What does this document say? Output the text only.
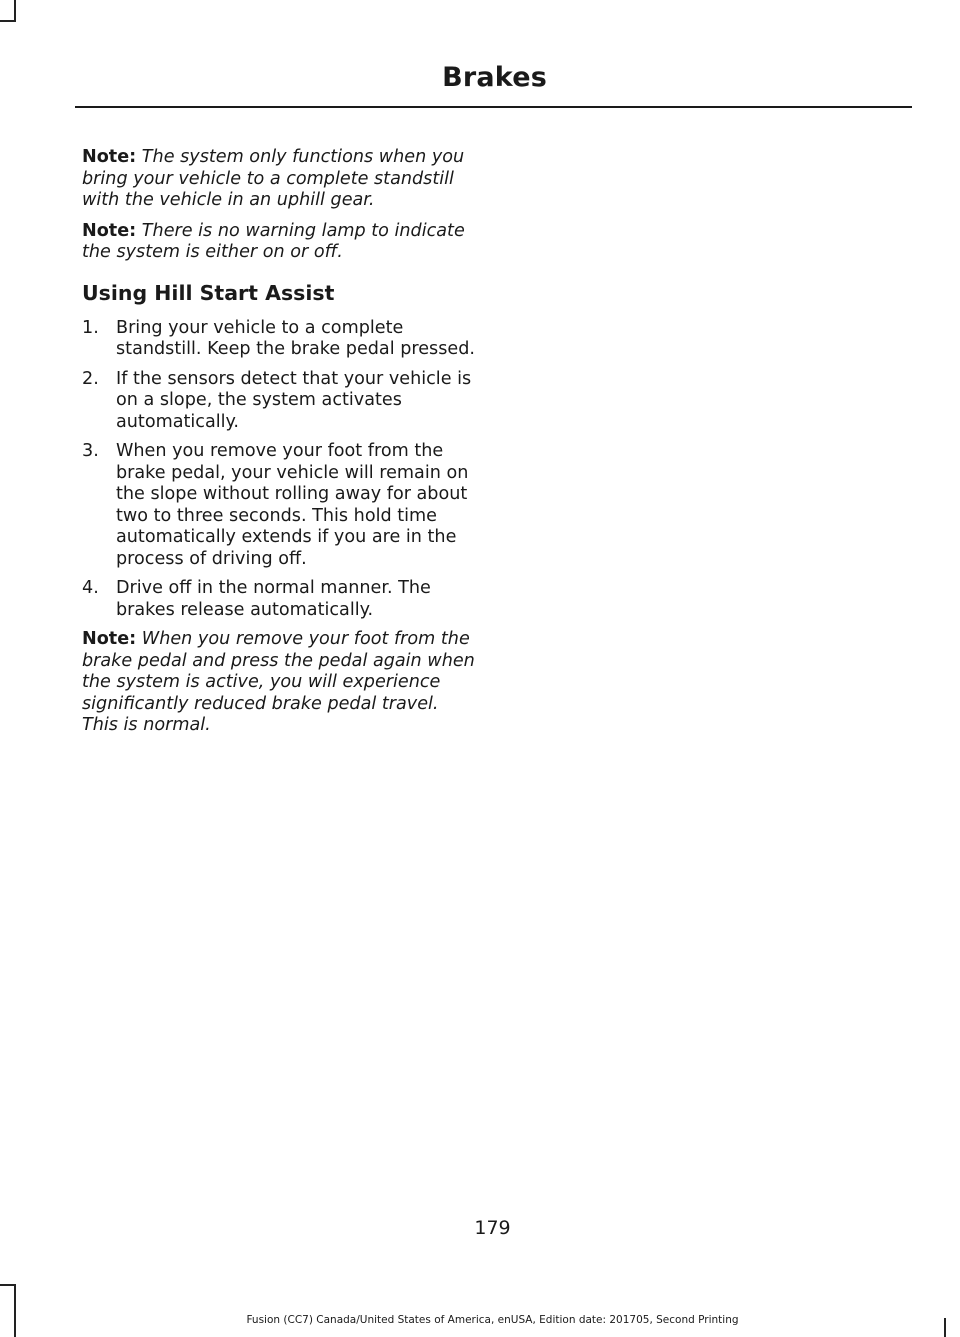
Brakes

Note: The system only functions when you bring your vehicle to a complete standstill with the vehicle in an uphill gear.

Note: There is no warning lamp to indicate the system is either on or off.

Using Hill Start Assist
1. Bring your vehicle to a complete standstill. Keep the brake pedal pressed.
2. If the sensors detect that your vehicle is on a slope, the system activates automatically.
3. When you remove your foot from the brake pedal, your vehicle will remain on the slope without rolling away for about two to three seconds. This hold time automatically extends if you are in the process of driving off.
4. Drive off in the normal manner. The brakes release automatically.

Note: When you remove your foot from the brake pedal and press the pedal again when the system is active, you will experience significantly reduced brake pedal travel. This is normal.

179

Fusion (CC7) Canada/United States of America, enUSA, Edition date: 201705, Second Printing
